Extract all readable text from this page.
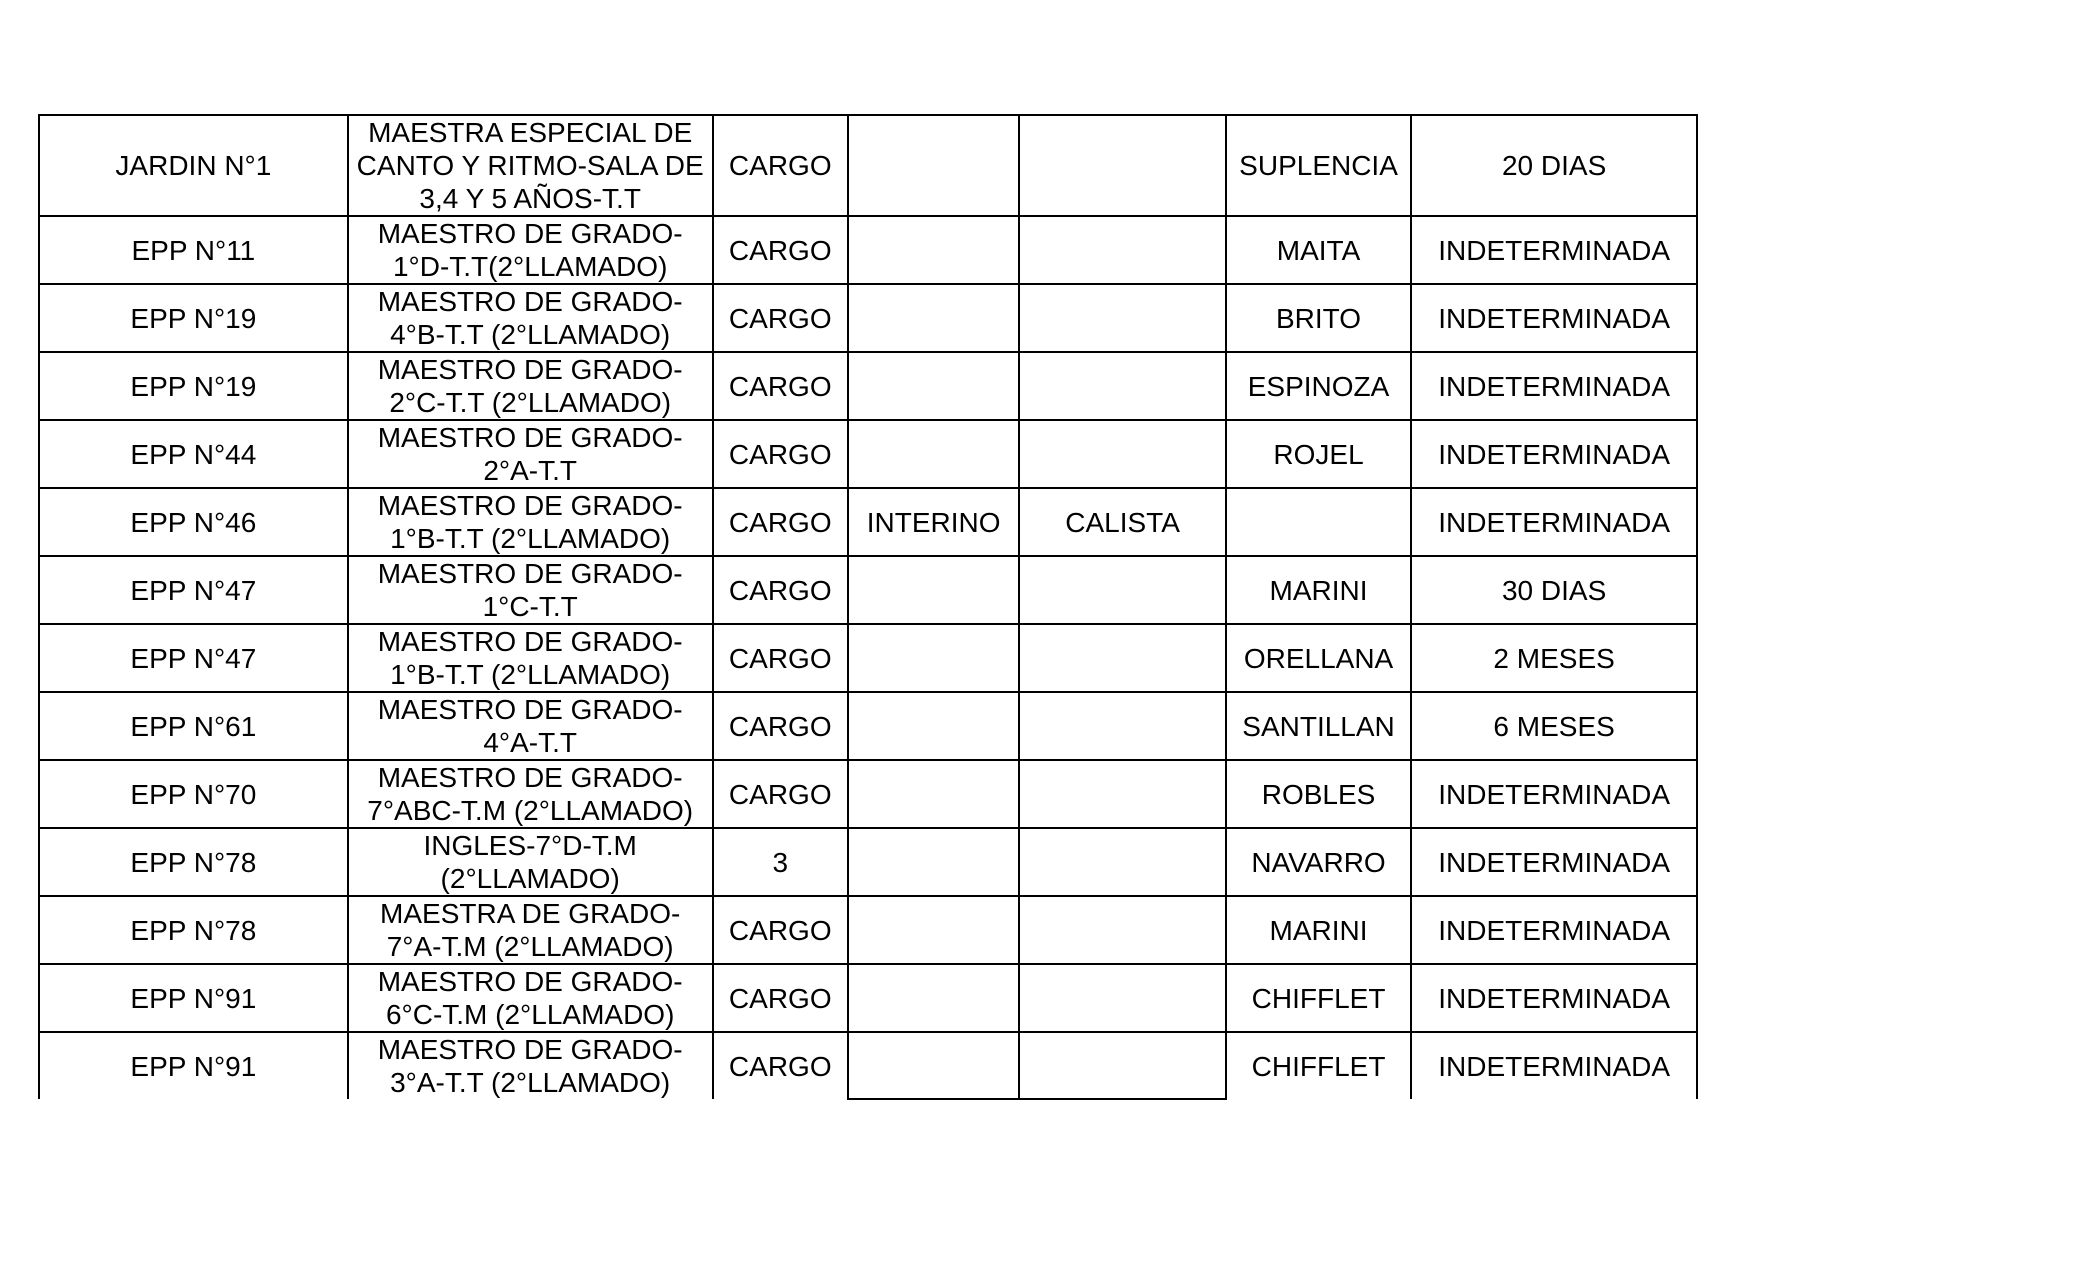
JARDIN N°1	MAESTRA ESPECIAL DE CANTO Y RITMO-SALA DE 3,4 Y 5 AÑOS-T.T	CARGO			SUPLENCIA	20 DIAS
EPP N°11	MAESTRO DE GRADO-1°D-T.T(2°LLAMADO)	CARGO			MAITA	INDETERMINADA
EPP N°19	MAESTRO DE GRADO-4°B-T.T (2°LLAMADO)	CARGO			BRITO	INDETERMINADA
EPP N°19	MAESTRO DE GRADO-2°C-T.T (2°LLAMADO)	CARGO			ESPINOZA	INDETERMINADA
EPP N°44	MAESTRO DE GRADO-2°A-T.T	CARGO			ROJEL	INDETERMINADA
EPP N°46	MAESTRO DE GRADO-1°B-T.T (2°LLAMADO)	CARGO	INTERINO	CALISTA		INDETERMINADA
EPP N°47	MAESTRO DE GRADO-1°C-T.T	CARGO			MARINI	30 DIAS
EPP N°47	MAESTRO DE GRADO-1°B-T.T (2°LLAMADO)	CARGO			ORELLANA	2 MESES
EPP N°61	MAESTRO DE GRADO-4°A-T.T	CARGO			SANTILLAN	6 MESES
EPP N°70	MAESTRO DE GRADO-7°ABC-T.M (2°LLAMADO)	CARGO			ROBLES	INDETERMINADA
EPP N°78	INGLES-7°D-T.M (2°LLAMADO)	3			NAVARRO	INDETERMINADA
EPP N°78	MAESTRA DE GRADO-7°A-T.M (2°LLAMADO)	CARGO			MARINI	INDETERMINADA
EPP N°91	MAESTRO DE GRADO-6°C-T.M (2°LLAMADO)	CARGO			CHIFFLET	INDETERMINADA
EPP N°91	MAESTRO DE GRADO-3°A-T.T (2°LLAMADO)	CARGO			CHIFFLET	INDETERMINADA
